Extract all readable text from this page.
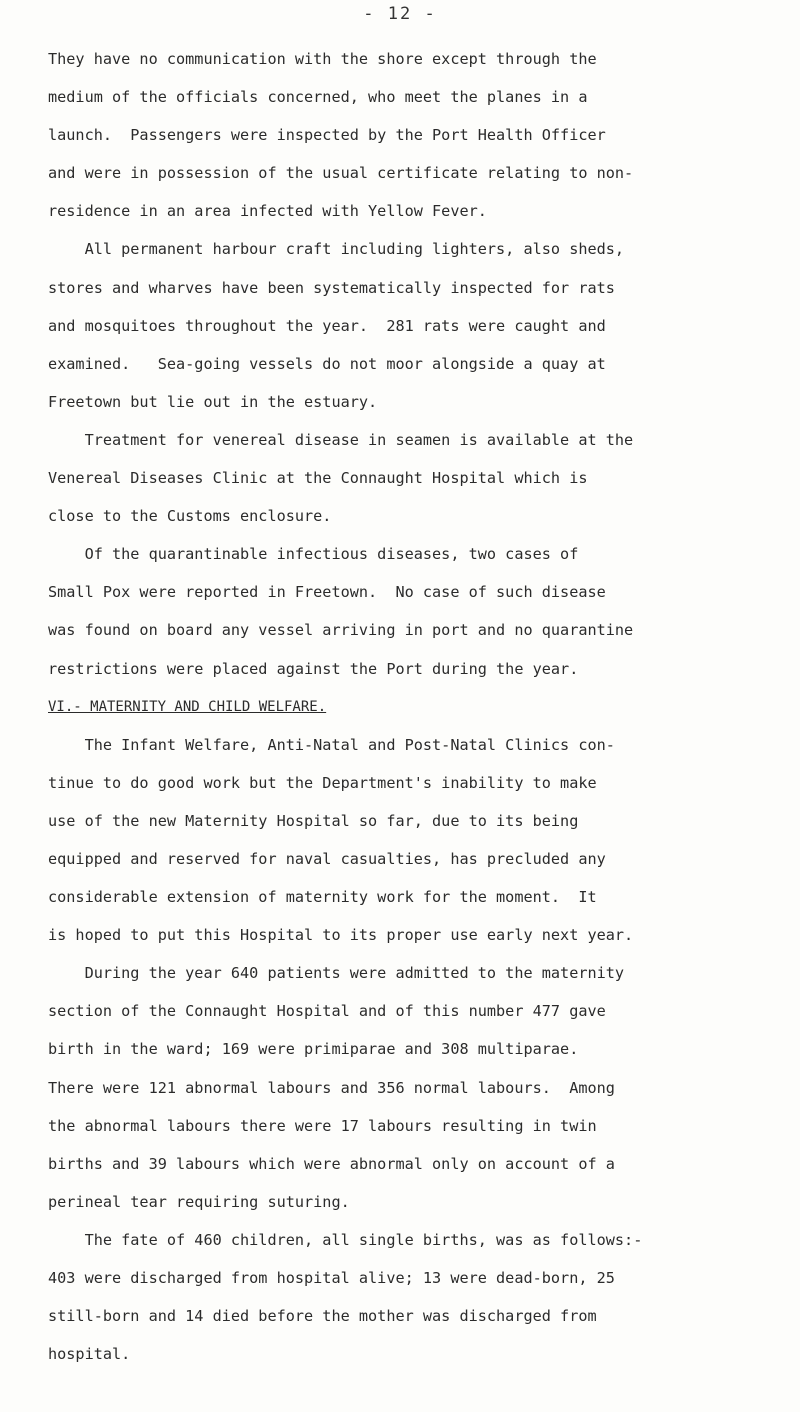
- 12 -
They have no communication with the shore except through the
medium of the officials concerned, who meet the planes in a
launch.  Passengers were inspected by the Port Health Officer
and were in possession of the usual certificate relating to non-
residence in an area infected with Yellow Fever.
All permanent harbour craft including lighters, also sheds,
stores and wharves have been systematically inspected for rats
and mosquitoes throughout the year.  281 rats were caught and
examined.   Sea-going vessels do not moor alongside a quay at
Freetown but lie out in the estuary.
Treatment for venereal disease in seamen is available at the
Venereal Diseases Clinic at the Connaught Hospital which is
close to the Customs enclosure.
Of the quarantinable infectious diseases, two cases of
Small Pox were reported in Freetown.  No case of such disease
was found on board any vessel arriving in port and no quarantine
restrictions were placed against the Port during the year.
VI.- MATERNITY AND CHILD WELFARE.
The Infant Welfare, Anti-Natal and Post-Natal Clinics con-
tinue to do good work but the Department's inability to make
use of the new Maternity Hospital so far, due to its being
equipped and reserved for naval casualties, has precluded any
considerable extension of maternity work for the moment.  It
is hoped to put this Hospital to its proper use early next year.
During the year 640 patients were admitted to the maternity
section of the Connaught Hospital and of this number 477 gave
birth in the ward; 169 were primiparae and 308 multiparae.
There were 121 abnormal labours and 356 normal labours.  Among
the abnormal labours there were 17 labours resulting in twin
births and 39 labours which were abnormal only on account of a
perineal tear requiring suturing.
The fate of 460 children, all single births, was as follows:-
403 were discharged from hospital alive; 13 were dead-born, 25
still-born and 14 died before the mother was discharged from
hospital.
